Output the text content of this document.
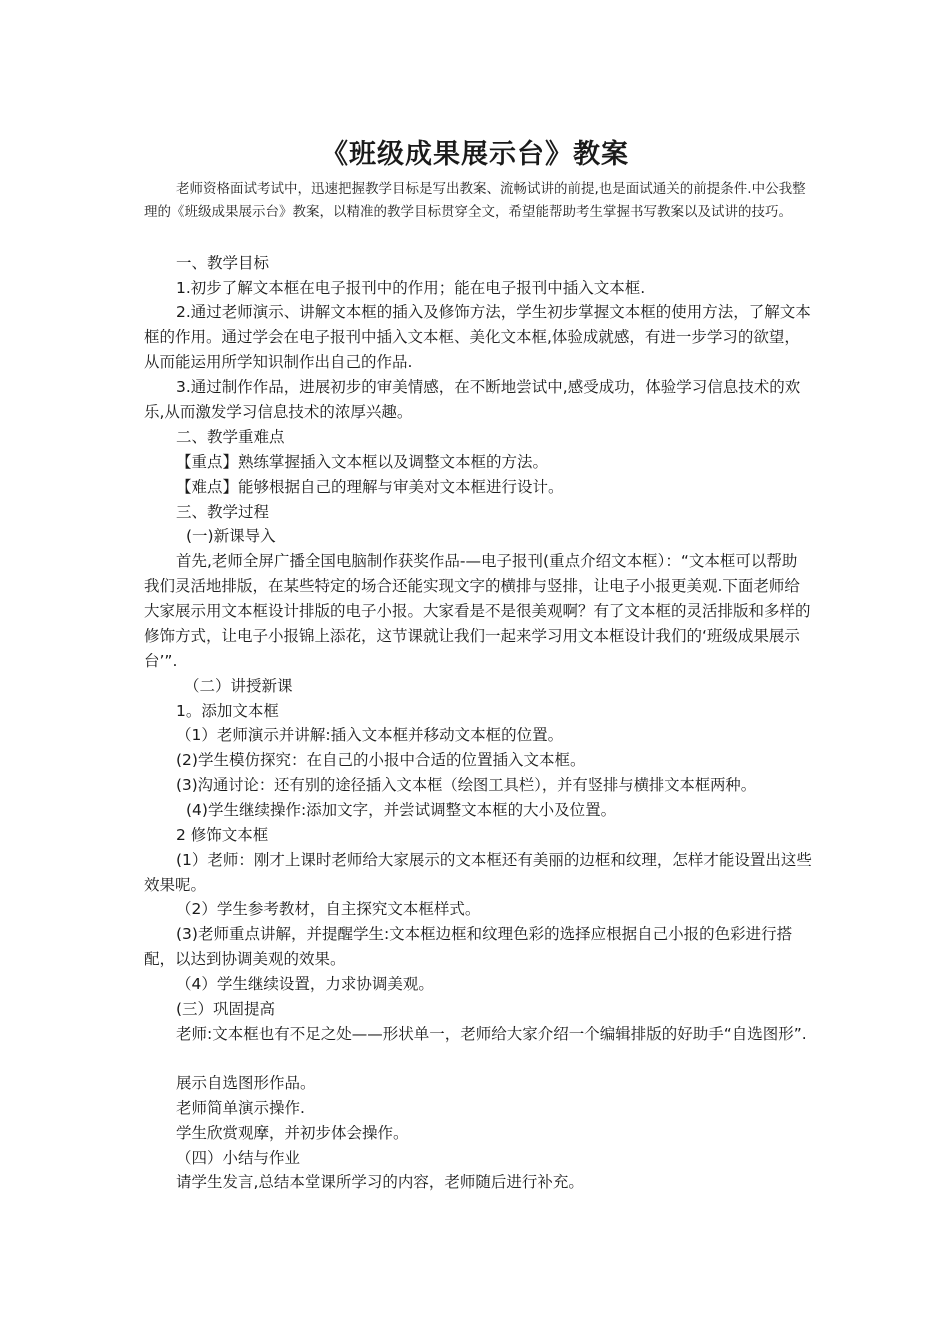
《班级成果展示台》教案
老师资格面试考试中，迅速把握教学目标是写出教案、流畅试讲的前提,也是面试通关的前提条件.中公我整理的《班级成果展示台》教案，以精准的教学目标贯穿全文，希望能帮助考生掌握书写教案以及试讲的技巧。
一、教学目标
1.初步了解文本框在电子报刊中的作用；能在电子报刊中插入文本框.
2.通过老师演示、讲解文本框的插入及修饰方法，学生初步掌握文本框的使用方法，了解文本框的作用。通过学会在电子报刊中插入文本框、美化文本框,体验成就感，有进一步学习的欲望，从而能运用所学知识制作出自己的作品.
3.通过制作作品，进展初步的审美情感，在不断地尝试中,感受成功，体验学习信息技术的欢乐,从而激发学习信息技术的浓厚兴趣。
二、教学重难点
【重点】熟练掌握插入文本框以及调整文本框的方法。
【难点】能够根据自己的理解与审美对文本框进行设计。
三、教学过程
(一)新课导入
首先,老师全屏广播全国电脑制作获奖作品-—电子报刊(重点介绍文本框）：“文本框可以帮助我们灵活地排版，在某些特定的场合还能实现文字的横排与竖排，让电子小报更美观.下面老师给大家展示用文本框设计排版的电子小报。大家看是不是很美观啊？有了文本框的灵活排版和多样的修饰方式，让电子小报锦上添花，这节课就让我们一起来学习用文本框设计我们的‘班级成果展示台’”.
（二）讲授新课
1。添加文本框
（1）老师演示并讲解:插入文本框并移动文本框的位置。
(2)学生模仿探究：在自己的小报中合适的位置插入文本框。
(3)沟通讨论：还有别的途径插入文本框（绘图工具栏），并有竖排与横排文本框两种。
(4)学生继续操作:添加文字，并尝试调整文本框的大小及位置。
2 修饰文本框
(1）老师：刚才上课时老师给大家展示的文本框还有美丽的边框和纹理，怎样才能设置出这些效果呢。
（2）学生参考教材，自主探究文本框样式。
(3)老师重点讲解，并提醒学生:文本框边框和纹理色彩的选择应根据自己小报的色彩进行搭配，以达到协调美观的效果。
（4）学生继续设置，力求协调美观。
(三）巩固提高
老师:文本框也有不足之处——形状单一，老师给大家介绍一个编辑排版的好助手“自选图形”.
展示自选图形作品。
老师简单演示操作.
学生欣赏观摩，并初步体会操作。
（四）小结与作业
请学生发言,总结本堂课所学习的内容，老师随后进行补充。
